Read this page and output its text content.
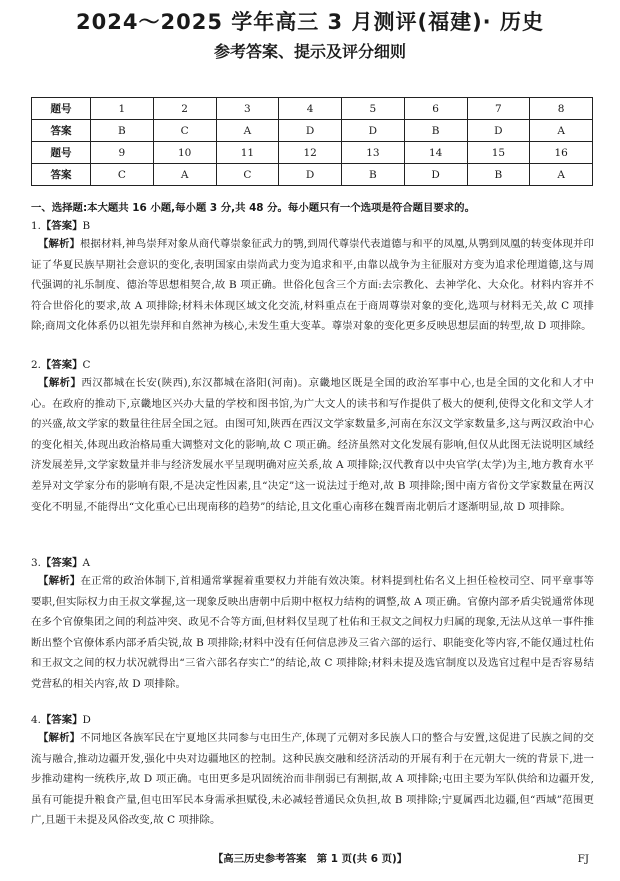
2024～2025 学年高三 3 月测评(福建)· 历史
参考答案、提示及评分细则
题号	1	2	3	4	5	6	7	8
答案	B	C	A	D	D	B	D	A
题号	9	10	11	12	13	14	15	16
答案	C	A	C	D	B	D	B	A
一、选择题:本大题共 16 小题,每小题 3 分,共 48 分。每小题只有一个选项是符合题目要求的。
1.【答案】B
【解析】根据材料,神鸟崇拜对象从商代尊崇象征武力的鹗,到周代尊崇代表道德与和平的凤凰,从鹗到凤凰的转变体现并印证了华夏民族早期社会意识的变化,表明国家由崇尚武力变为追求和平,由靠以战争为主征服对方变为追求伦理道德,这与周代强调的礼乐制度、德治等思想相契合,故 B 项正确。世俗化包含三个方面:去宗教化、去神学化、大众化。材料内容并不符合世俗化的要求,故 A 项排除;材料未体现区域文化交流,材料重点在于商周尊崇对象的变化,选项与材料无关,故 C 项排除;商周文化体系仍以祖先崇拜和自然神为核心,未发生重大变革。尊崇对象的变化更多反映思想层面的转型,故 D 项排除。
2.【答案】C
【解析】西汉都城在长安(陕西),东汉都城在洛阳(河南)。京畿地区既是全国的政治军事中心,也是全国的文化和人才中心。在政府的推动下,京畿地区兴办大量的学校和图书馆,为广大文人的读书和写作提供了极大的便利,使得文化和文学人才的兴盛,故文学家的数量往往居全国之冠。由图可知,陕西在西汉文学家数量多,河南在东汉文学家数量多,这与两汉政治中心的变化相关,体现出政治格局重大调整对文化的影响,故 C 项正确。经济虽然对文化发展有影响,但仅从此图无法说明区域经济发展差异,文学家数量并非与经济发展水平呈现明确对应关系,故 A 项排除;汉代教育以中央官学(太学)为主,地方教育水平差异对文学家分布的影响有限,不是决定性因素,且“决定”这一说法过于绝对,故 B 项排除;图中南方省份文学家数量在两汉变化不明显,不能得出“文化重心已出现南移的趋势”的结论,且文化重心南移在魏晋南北朝后才逐渐明显,故 D 项排除。
3.【答案】A
【解析】在正常的政治体制下,首相通常掌握着重要权力并能有效决策。材料提到杜佑名义上担任检校司空、同平章事等要职,但实际权力由王叔文掌握,这一现象反映出唐朝中后期中枢权力结构的调整,故 A 项正确。官僚内部矛盾尖锐通常体现在多个官僚集团之间的利益冲突、政见不合等方面,但材料仅呈现了杜佑和王叔文之间权力归属的现象,无法从这单一事件推断出整个官僚体系内部矛盾尖锐,故 B 项排除;材料中没有任何信息涉及三省六部的运行、职能变化等内容,不能仅通过杜佑和王叔文之间的权力状况就得出“三省六部名存实亡”的结论,故 C 项排除;材料未提及选官制度以及选官过程中是否容易结党营私的相关内容,故 D 项排除。
4.【答案】D
【解析】不同地区各族军民在宁夏地区共同参与屯田生产,体现了元朝对多民族人口的整合与安置,这促进了民族之间的交流与融合,推动边疆开发,强化中央对边疆地区的控制。这种民族交融和经济活动的开展有利于在元朝大一统的背景下,进一步推动建构一统秩序,故 D 项正确。屯田更多是巩固统治而非削弱已有割据,故 A 项排除;屯田主要为军队供给和边疆开发,虽有可能提升粮食产量,但屯田军民本身需承担赋役,未必减轻普通民众负担,故 B 项排除;宁夏属西北边疆,但“西域”范围更广,且题干未提及风俗改变,故 C 项排除。
【高三历史参考答案　第 1 页(共 6 页)】	FJ
